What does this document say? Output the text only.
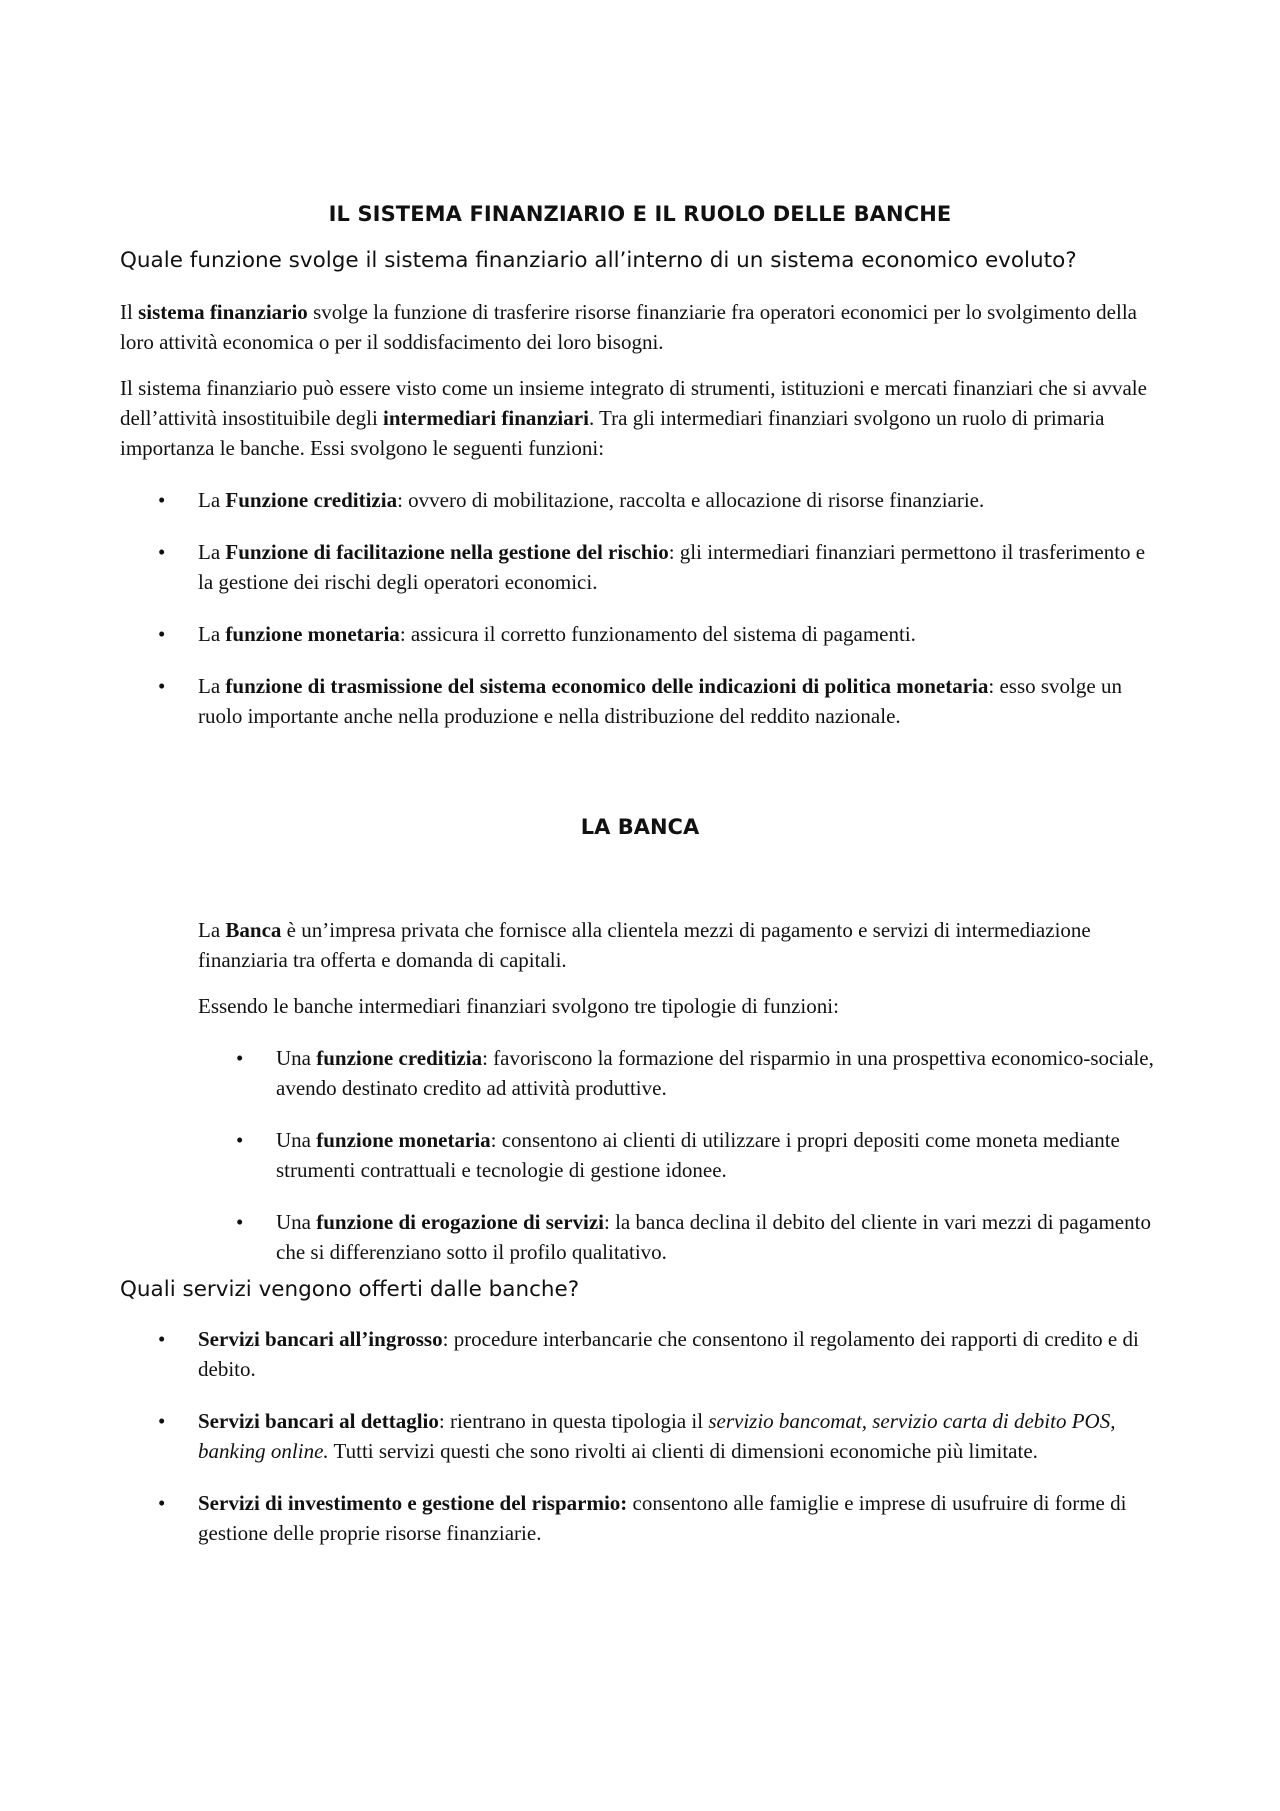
IL SISTEMA FINANZIARIO E IL RUOLO DELLE BANCHE
Quale funzione svolge il sistema finanziario all’interno di un sistema economico evoluto?

Il sistema finanziario svolge la funzione di trasferire risorse finanziarie fra operatori economici per lo svolgimento della loro attività economica o per il soddisfacimento dei loro bisogni.

Il sistema finanziario può essere visto come un insieme integrato di strumenti, istituzioni e mercati finanziari che si avvale dell’attività insostituibile degli intermediari finanziari. Tra gli intermediari finanziari svolgono un ruolo di primaria importanza le banche. Essi svolgono le seguenti funzioni:

• La Funzione creditizia: ovvero di mobilitazione, raccolta e allocazione di risorse finanziarie.
• La Funzione di facilitazione nella gestione del rischio: gli intermediari finanziari permettono il trasferimento e la gestione dei rischi degli operatori economici.
• La funzione monetaria: assicura il corretto funzionamento del sistema di pagamenti.
• La funzione di trasmissione del sistema economico delle indicazioni di politica monetaria: esso svolge un ruolo importante anche nella produzione e nella distribuzione del reddito nazionale.
LA BANCA

La Banca è un’impresa privata che fornisce alla clientela mezzi di pagamento e servizi di intermediazione finanziaria tra offerta e domanda di capitali.

Essendo le banche intermediari finanziari svolgono tre tipologie di funzioni:

• Una funzione creditizia: favoriscono la formazione del risparmio in una prospettiva economico-sociale, avendo destinato credito ad attività produttive.
• Una funzione monetaria: consentono ai clienti di utilizzare i propri depositi come moneta mediante strumenti contrattuali e tecnologie di gestione idonee.
• Una funzione di erogazione di servizi: la banca declina il debito del cliente in vari mezzi di pagamento che si differenziano sotto il profilo qualitativo.
Quali servizi vengono offerti dalle banche?
• Servizi bancari all’ingrosso: procedure interbancarie che consentono il regolamento dei rapporti di credito e di debito.
• Servizi bancari al dettaglio: rientrano in questa tipologia il servizio bancomat, servizio carta di debito POS, banking online. Tutti servizi questi che sono rivolti ai clienti di dimensioni economiche più limitate.
• Servizi di investimento e gestione del risparmio: consentono alle famiglie e imprese di usufruire di forme di gestione delle proprie risorse finanziarie.
